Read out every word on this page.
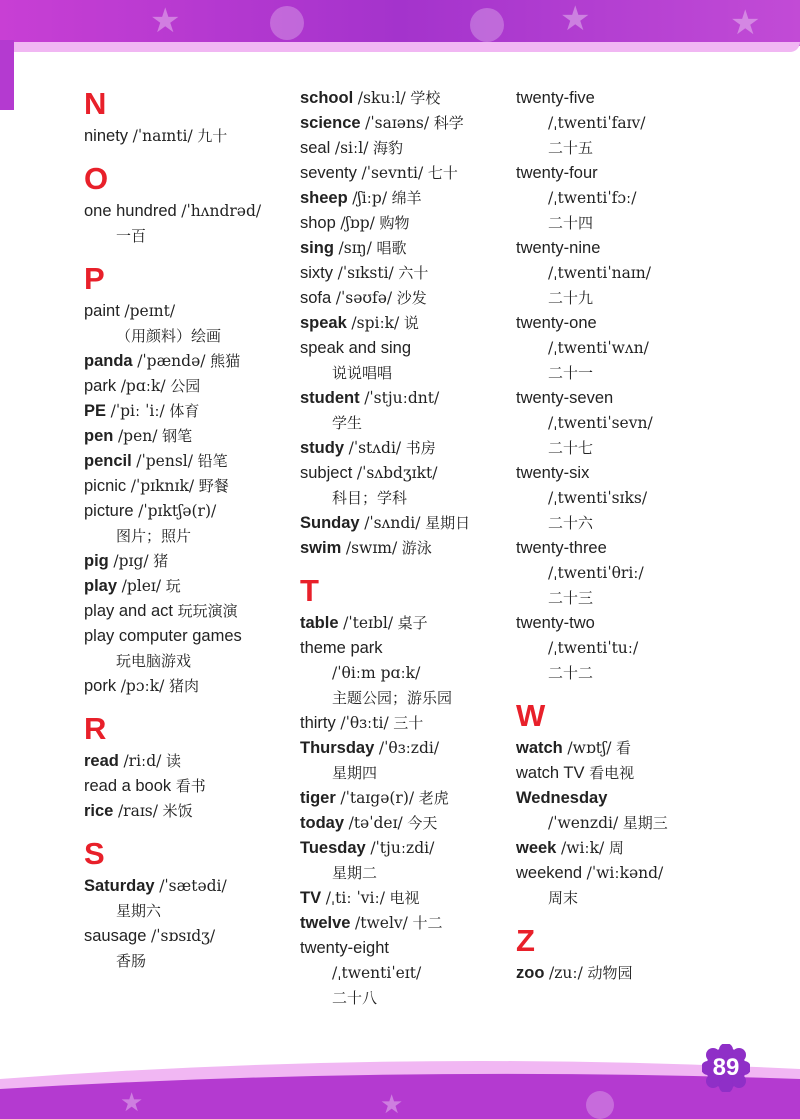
★	★	★
★	★
89
N
ninety /ˈnaɪnti/ 九十
O
one hundred /ˈhʌndrəd/
一百
P
paint /peɪnt/
（用颜料）绘画
panda /ˈpændə/ 熊猫
park /pɑːk/ 公园
PE /ˈpiː ˈiː/ 体育
pen /pen/ 钢笔
pencil /ˈpensl/ 铅笔
picnic /ˈpɪknɪk/ 野餐
picture /ˈpɪktʃə(r)/
图片；照片
pig /pɪg/ 猪
play /pleɪ/ 玩
play and act 玩玩演演
play computer games
玩电脑游戏
pork /pɔːk/ 猪肉
R
read /riːd/ 读
read a book 看书
rice /raɪs/ 米饭
S
Saturday /ˈsætədi/
星期六
sausage /ˈsɒsɪdʒ/
香肠
school /skuːl/ 学校
science /ˈsaɪəns/ 科学
seal /siːl/ 海豹
seventy /ˈsevnti/ 七十
sheep /ʃiːp/ 绵羊
shop /ʃɒp/ 购物
sing /sɪŋ/ 唱歌
sixty /ˈsɪksti/ 六十
sofa /ˈsəʊfə/ 沙发
speak /spiːk/ 说
speak and sing
说说唱唱
student /ˈstjuːdnt/
学生
study /ˈstʌdi/ 书房
subject /ˈsʌbdʒɪkt/
科目；学科
Sunday /ˈsʌndi/ 星期日
swim /swɪm/ 游泳
T
table /ˈteɪbl/ 桌子
theme park
/ˈθiːm pɑːk/
主题公园；游乐园
thirty /ˈθɜːti/ 三十
Thursday /ˈθɜːzdi/
星期四
tiger /ˈtaɪgə(r)/ 老虎
today /təˈdeɪ/ 今天
Tuesday /ˈtjuːzdi/
星期二
TV /ˌtiː ˈviː/ 电视
twelve /twelv/ 十二
twenty-eight
/ˌtwentiˈeɪt/
二十八
twenty-five
/ˌtwentiˈfaɪv/
二十五
twenty-four
/ˌtwentiˈfɔː/
二十四
twenty-nine
/ˌtwentiˈnaɪn/
二十九
twenty-one
/ˌtwentiˈwʌn/
二十一
twenty-seven
/ˌtwentiˈsevn/
二十七
twenty-six
/ˌtwentiˈsɪks/
二十六
twenty-three
/ˌtwentiˈθriː/
二十三
twenty-two
/ˌtwentiˈtuː/
二十二
W
watch /wɒtʃ/ 看
watch TV 看电视
Wednesday
/ˈwenzdi/ 星期三
week /wiːk/ 周
weekend /ˈwiːkənd/
周末
Z
zoo /zuː/ 动物园
